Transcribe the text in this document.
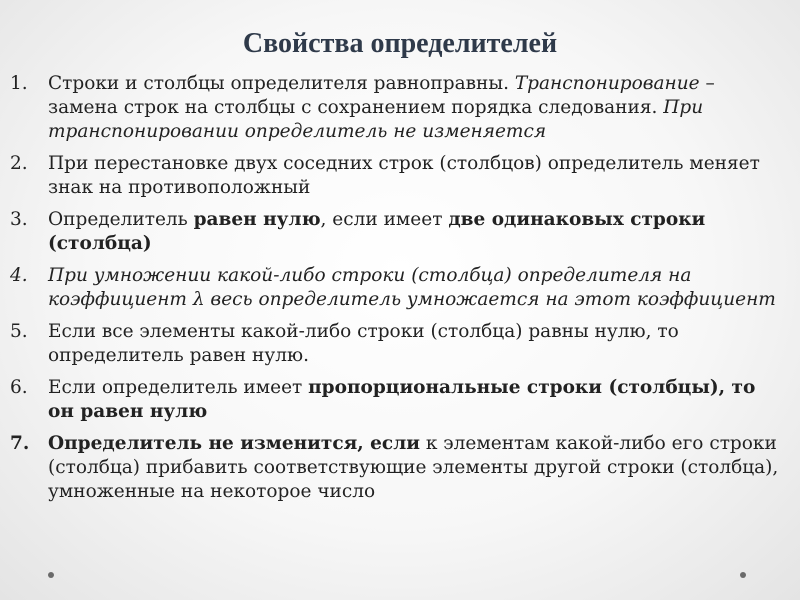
Свойства определителей
1.	Строки и столбцы определителя равноправны. Транспонирование – замена строк на столбцы с сохранением порядка следования. При транспонировании определитель не изменяется
2.	При перестановке двух соседних строк (столбцов) определитель меняет знак на противоположный
3.	Определитель равен нулю, если имеет две одинаковых строки (столбца)
4.	При умножении какой-либо строки (столбца) определителя на коэффициент λ весь определитель умножается на этот коэффициент
5.	Если все элементы какой-либо строки (столбца) равны нулю, то определитель равен нулю.
6.	Если определитель имеет пропорциональные строки (столбцы), то он равен нулю
7.	Определитель не изменится, если к элементам какой-либо его строки (столбца) прибавить соответствующие элементы другой строки (столбца), умноженные на некоторое число
